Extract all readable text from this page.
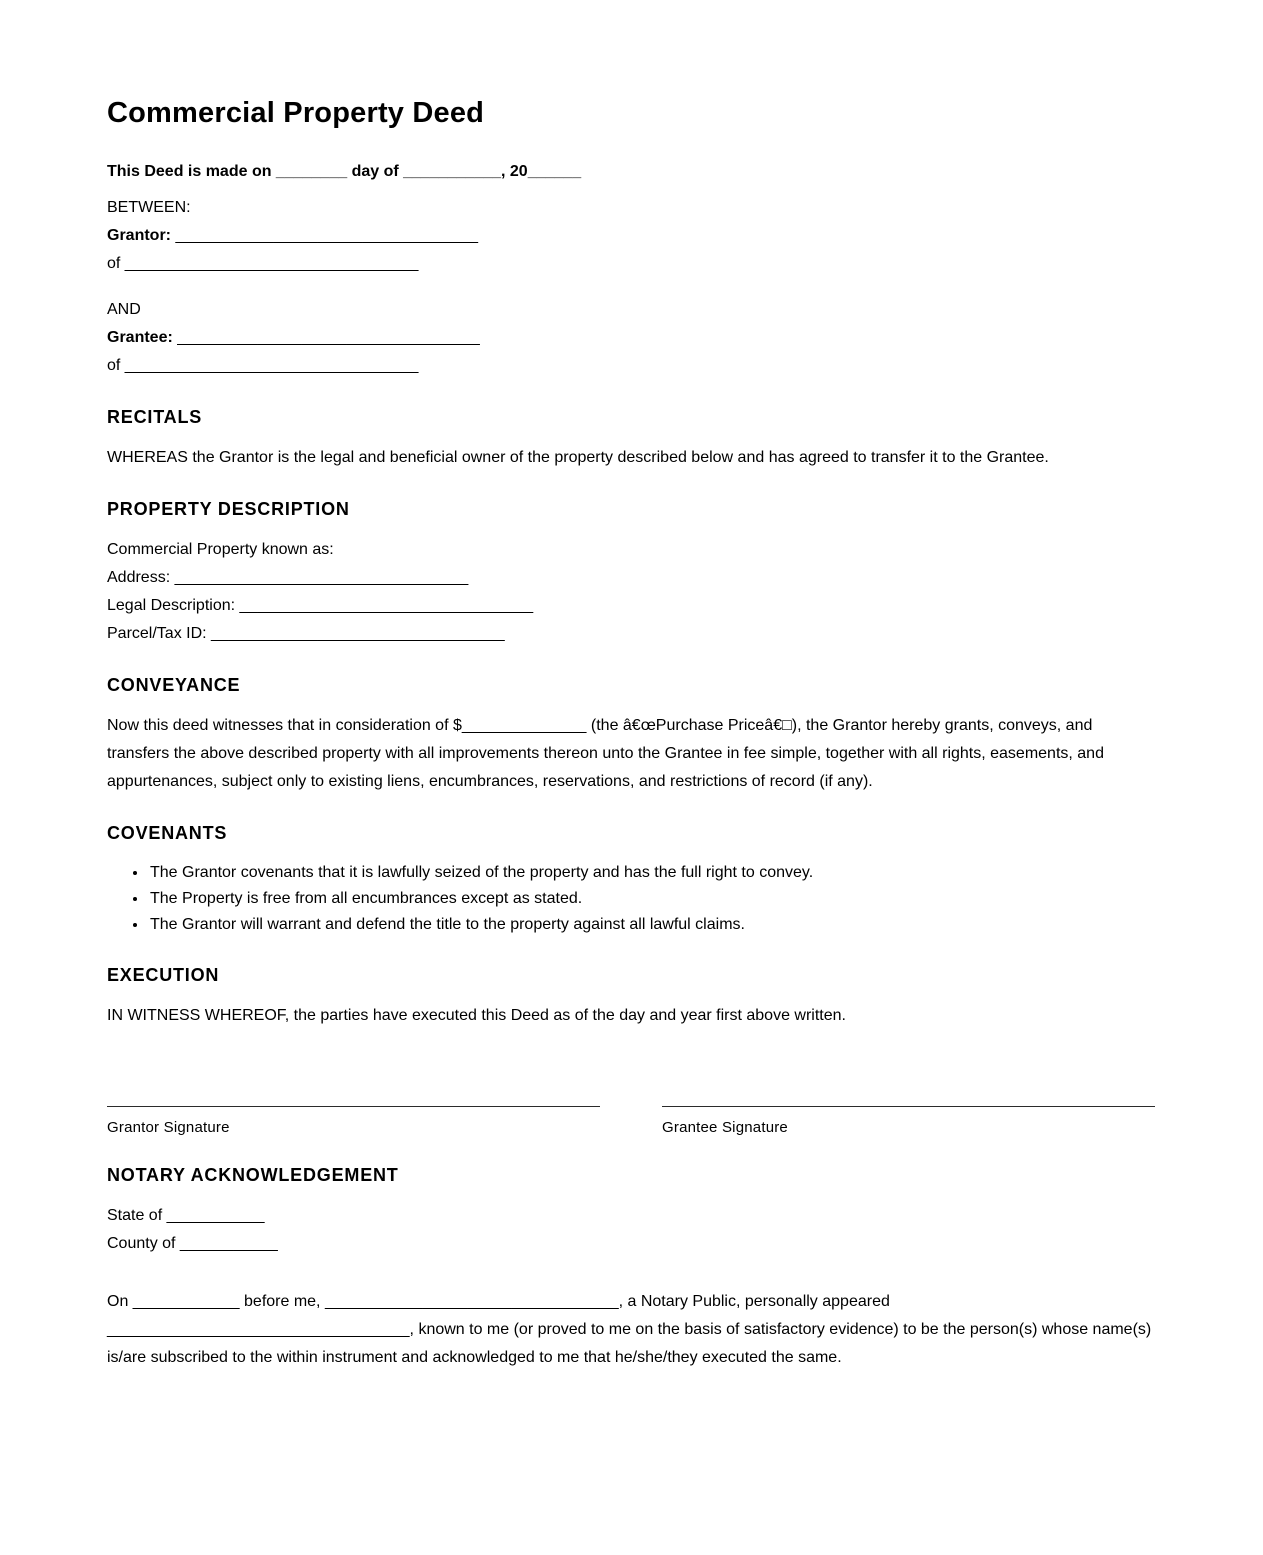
Commercial Property Deed

This Deed is made on ________ day of ___________, 20______

BETWEEN:

Grantor: __________________________________

of _________________________________

AND

Grantee: __________________________________

of _________________________________

RECITALS

WHEREAS the Grantor is the legal and beneficial owner of the property described below and has agreed to transfer it to the Grantee.

PROPERTY DESCRIPTION

Commercial Property known as:

Address: _________________________________

Legal Description: _________________________________

Parcel/Tax ID: _________________________________

CONVEYANCE

Now this deed witnesses that in consideration of $______________ (the â€œPurchase Priceâ€□), the Grantor hereby grants, conveys, and transfers the above described property with all improvements thereon unto the Grantee in fee simple, together with all rights, easements, and appurtenances, subject only to existing liens, encumbrances, reservations, and restrictions of record (if any).

COVENANTS
• The Grantor covenants that it is lawfully seized of the property and has the full right to convey.
• The Property is free from all encumbrances except as stated.
• The Grantor will warrant and defend the title to the property against all lawful claims.
EXECUTION

IN WITNESS WHEREOF, the parties have executed this Deed as of the day and year first above written.

Grantor Signature	Grantee Signature
NOTARY ACKNOWLEDGEMENT

State of ___________

County of ___________

On ____________ before me, _________________________________, a Notary Public, personally appeared __________________________________, known to me (or proved to me on the basis of satisfactory evidence) to be the person(s) whose name(s) is/are subscribed to the within instrument and acknowledged to me that he/she/they executed the same.
